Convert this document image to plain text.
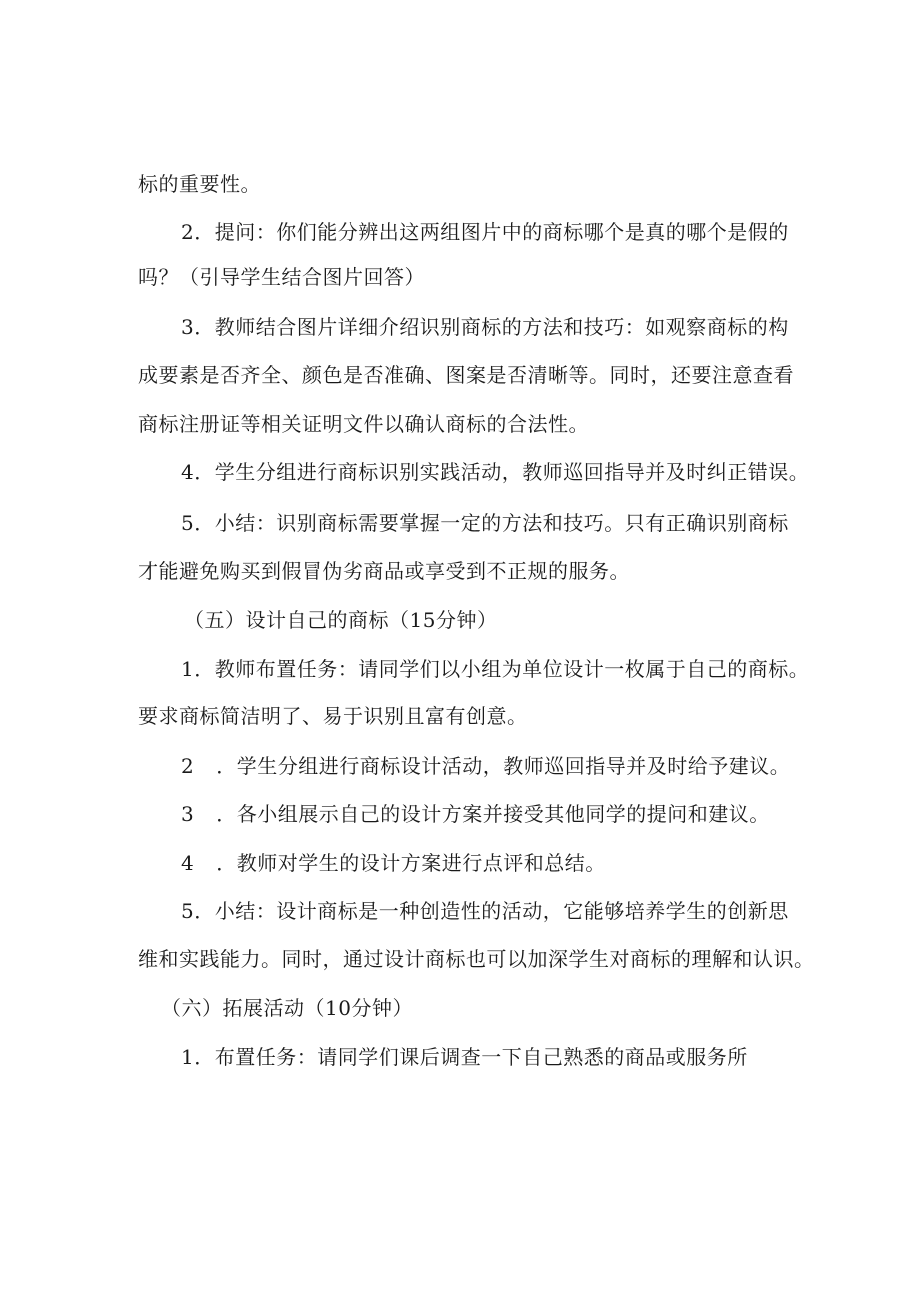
标的重要性。
2．提问：你们能分辨出这两组图片中的商标哪个是真的哪个是假的
吗？（引导学生结合图片回答）
3．教师结合图片详细介绍识别商标的方法和技巧：如观察商标的构
成要素是否齐全、颜色是否准确、图案是否清晰等。同时，还要注意查看
商标注册证等相关证明文件以确认商标的合法性。
4．学生分组进行商标识别实践活动，教师巡回指导并及时纠正错误。
5．小结：识别商标需要掌握一定的方法和技巧。只有正确识别商标
才能避免购买到假冒伪劣商品或享受到不正规的服务。
（五）设计自己的商标（15分钟）
1．教师布置任务：请同学们以小组为单位设计一枚属于自己的商标。
要求商标简洁明了、易于识别且富有创意。
2 ．学生分组进行商标设计活动，教师巡回指导并及时给予建议。
3 ．各小组展示自己的设计方案并接受其他同学的提问和建议。
4 ．教师对学生的设计方案进行点评和总结。
5．小结：设计商标是一种创造性的活动，它能够培养学生的创新思
维和实践能力。同时，通过设计商标也可以加深学生对商标的理解和认识。
（六）拓展活动（10分钟）
1．布置任务：请同学们课后调查一下自己熟悉的商品或服务所
